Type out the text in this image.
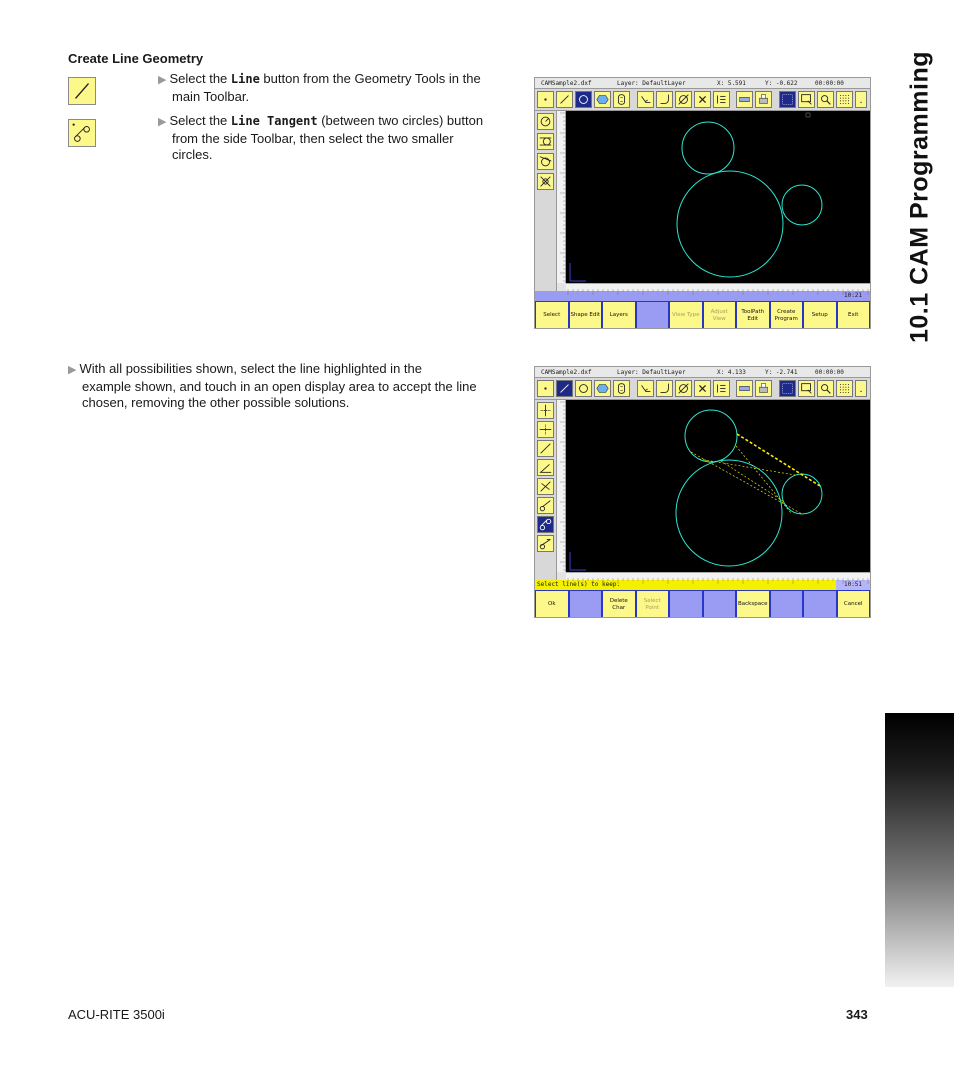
Create Line Geometry
▶ Select the Line button from the Geometry Tools in the
main Toolbar.
▶ Select the Line Tangent (between two circles) button
from the side Toolbar, then select the two smaller
circles.
▶ With all possibilities shown, select the line highlighted in the
example shown, and touch in an open display area to accept the line
chosen, removing the other possible solutions.
10.1 CAM Programming
ACU-RITE 3500i	343
CAMSample2.dxf	Layer: DefaultLayer	X: 5.591	Y: -0.622	00:00:00
10:21
Select	Shape Edit	Layers	View Type
Adjust View
ToolPath Edit
Create Program
Setup	Exit
CAMSample2.dxf	Layer: DefaultLayer	X: 4.133	Y: -2.741	00:00:00
Select line(s) to keep.	10:51
Ok
Delete Char
Select Point
Backspace	Cancel
